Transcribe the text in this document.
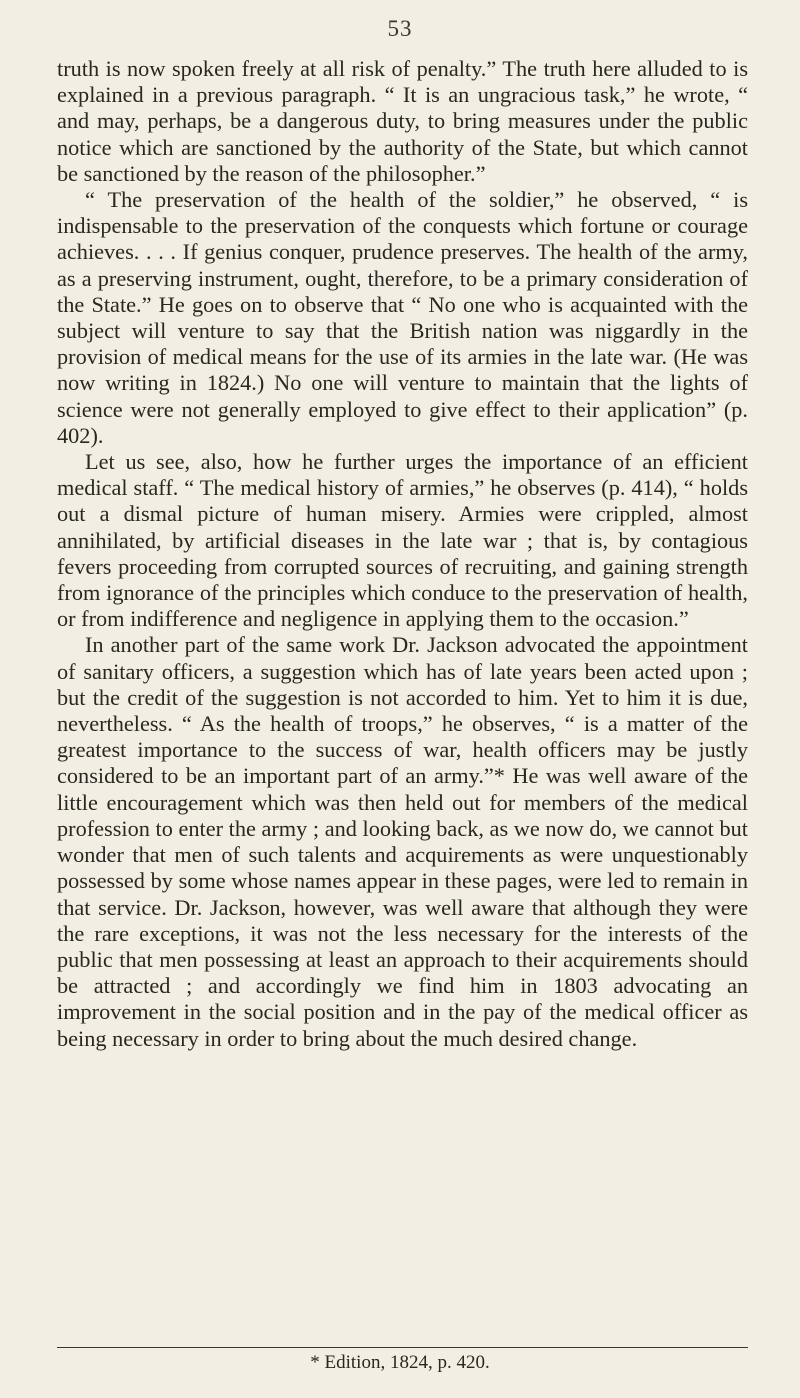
53

truth is now spoken freely at all risk of penalty.” The truth here alluded to is explained in a previous paragraph. “ It is an ungracious task,” he wrote, “ and may, perhaps, be a dangerous duty, to bring measures under the public notice which are sanctioned by the authority of the State, but which cannot be sanctioned by the reason of the philosopher.”

“ The preservation of the health of the soldier,” he observed, “ is indispensable to the preservation of the conquests which fortune or courage achieves. . . . If genius conquer, prudence preserves. The health of the army, as a preserving instrument, ought, therefore, to be a primary consideration of the State.” He goes on to observe that “ No one who is acquainted with the subject will venture to say that the British nation was niggardly in the provision of medical means for the use of its armies in the late war. (He was now writing in 1824.) No one will venture to maintain that the lights of science were not generally employed to give effect to their application” (p. 402).

Let us see, also, how he further urges the importance of an efficient medical staff. “ The medical history of armies,” he observes (p. 414), “ holds out a dismal picture of human misery. Armies were crippled, almost annihilated, by artificial diseases in the late war ; that is, by contagious fevers proceeding from corrupted sources of recruiting, and gaining strength from ignorance of the principles which conduce to the preservation of health, or from indifference and negligence in applying them to the occasion.”

In another part of the same work Dr. Jackson advocated the appointment of sanitary officers, a suggestion which has of late years been acted upon ; but the credit of the suggestion is not accorded to him. Yet to him it is due, nevertheless. “ As the health of troops,” he observes, “ is a matter of the greatest importance to the success of war, health officers may be justly considered to be an important part of an army.”* He was well aware of the little encouragement which was then held out for members of the medical profession to enter the army ; and looking back, as we now do, we cannot but wonder that men of such talents and acquirements as were unquestionably possessed by some whose names appear in these pages, were led to remain in that service. Dr. Jackson, however, was well aware that although they were the rare exceptions, it was not the less necessary for the interests of the public that men possessing at least an approach to their acquirements should be attracted ; and accordingly we find him in 1803 advocating an improvement in the social position and in the pay of the medical officer as being necessary in order to bring about the much desired change.

* Edition, 1824, p. 420.
